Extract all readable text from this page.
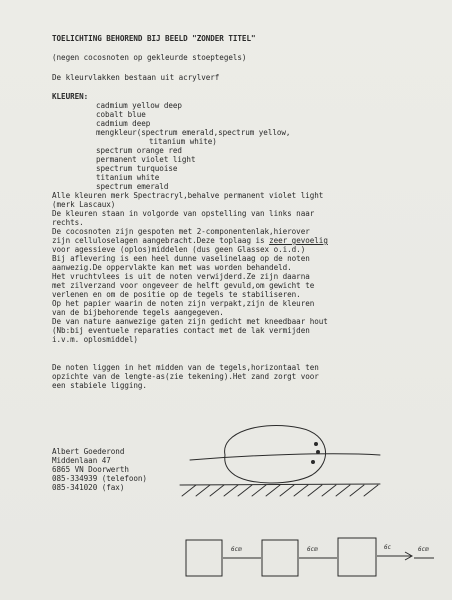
TOELICHTING BEHOREND BIJ BEELD "ZONDER TITEL"
(negen cocosnoten op gekleurde stoeptegels)
De kleurvlakken bestaan uit acrylverf
KLEUREN:
cadmium yellow deep
cobalt blue
cadmium deep
mengkleur(spectrum emerald,spectrum yellow,
titanium white)
spectrum orange red
permanent violet light
spectrum turquoise
titanium white
spectrum emerald
Alle kleuren merk Spectracryl,behalve permanent violet light
(merk Lascaux)
De kleuren staan in volgorde van opstelling van links naar
rechts.
De cocosnoten zijn gespoten met 2-componentenlak,hierover
zijn celluloselagen aangebracht.Deze toplaag is zeer gevoelig
voor agessieve (oplos)middelen (dus geen Glassex o.i.d.)
Bij aflevering is een heel dunne vaselinelaag op de noten
aanwezig.De oppervlakte kan met was worden behandeld.
Het vruchtvlees is uit de noten verwijderd.Ze zijn daarna
met zilverzand voor ongeveer de helft gevuld,om gewicht te
verlenen en om de positie op de tegels te stabiliseren.
Op het papier waarin de noten zijn verpakt,zijn de kleuren
van de bijbehorende tegels aangegeven.
De van nature aanwezige gaten zijn gedicht met kneedbaar hout
(Nb:bij eventuele reparaties contact met de lak vermijden
i.v.m. oplosmiddel)
De noten liggen in het midden van de tegels,horizontaal ten
opzichte van de lengte-as(zie tekening).Het zand zorgt voor
een stabiele ligging.
Albert Goederond
Middenlaan 47
6865 VN Doorwerth
085-334939 (telefoon)
085-341020 (fax)
6cm	6cm	6c	6cm
